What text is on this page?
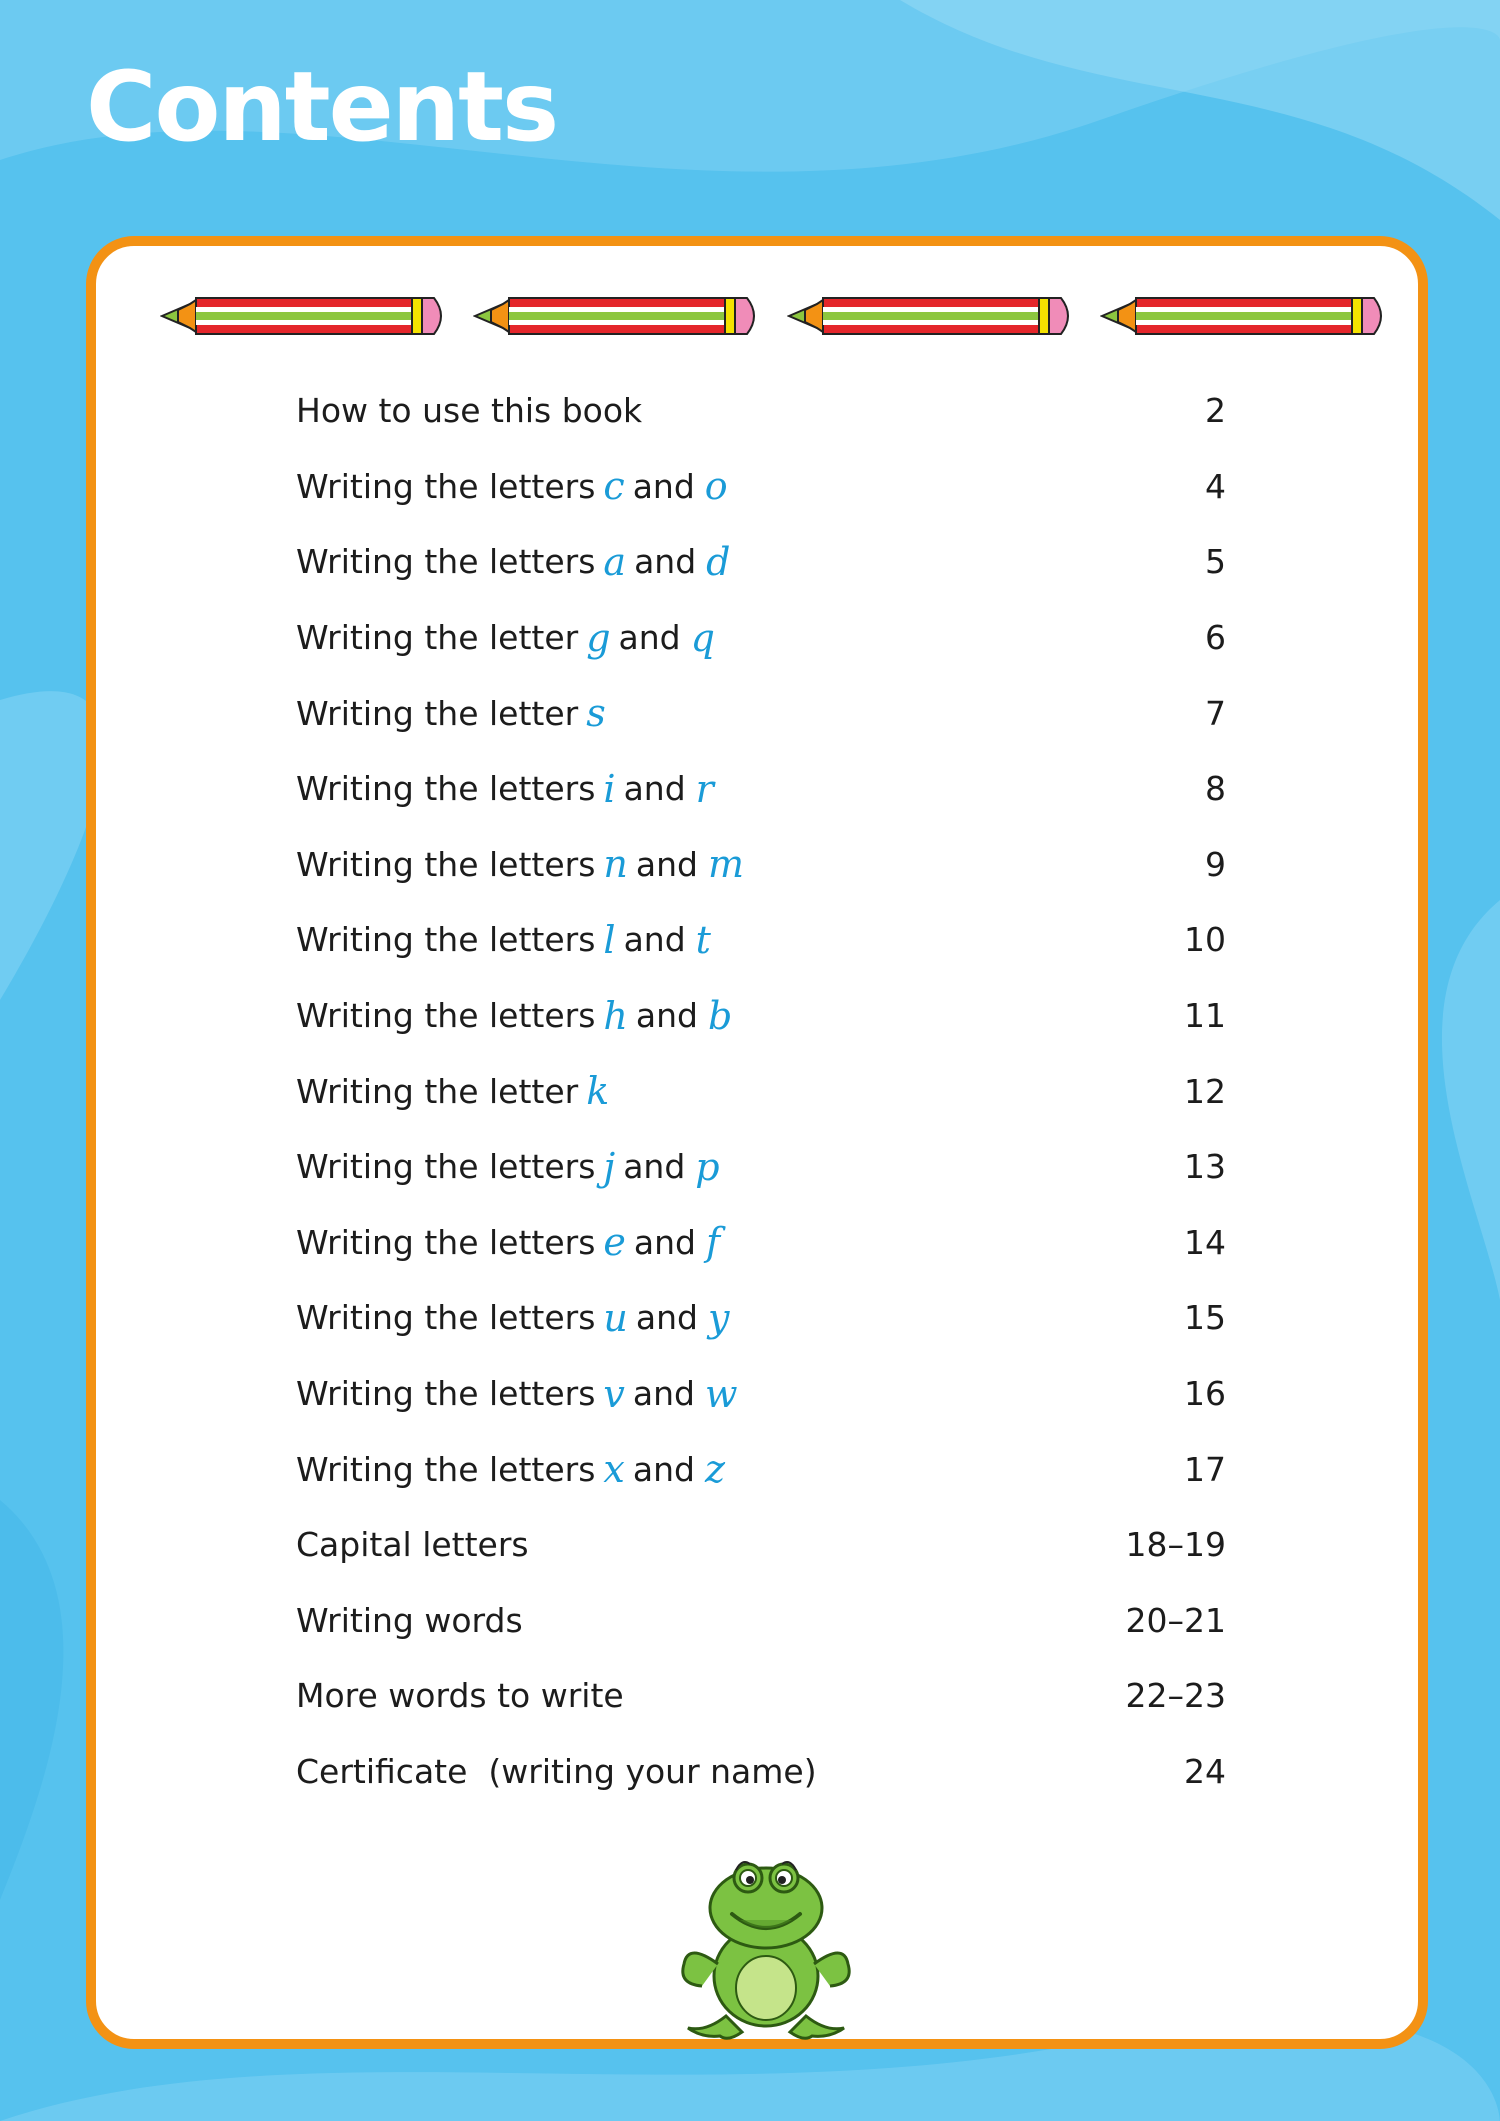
Contents
How to use this book	2
Writing the letters c and o	4
Writing the letters a and d	5
Writing the letter g and q	6
Writing the letter s	7
Writing the letters i and r	8
Writing the letters n and m	9
Writing the letters l and t	10
Writing the letters h and b	11
Writing the letter k	12
Writing the letters j and p	13
Writing the letters e and f	14
Writing the letters u and y	15
Writing the letters v and w	16
Writing the letters x and z	17
Capital letters	18–19
Writing words	20–21
More words to write	22–23
Certificate  (writing your name)	24
